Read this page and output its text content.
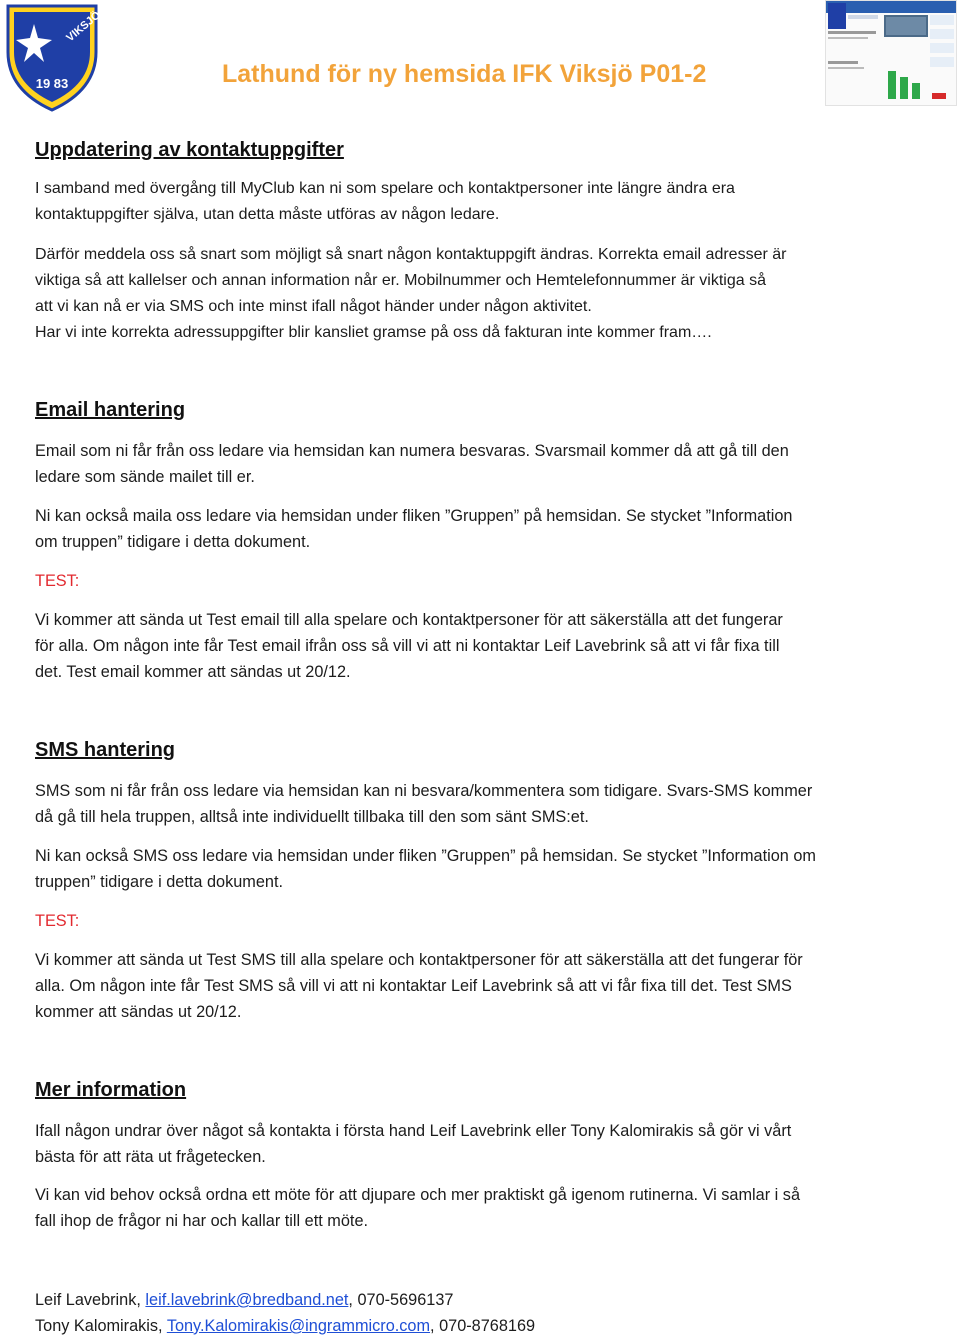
VIKSJÖ
19 83	Lathund för ny hemsida IFK Viksjö P01-2
Uppdatering av kontaktuppgifter

I samband med övergång till MyClub kan ni som spelare och kontaktpersoner inte längre ändra era

kontaktuppgifter själva, utan detta måste utföras av någon ledare.

Därför meddela oss så snart som möjligt så snart någon kontaktuppgift ändras. Korrekta email adresser är

viktiga så att kallelser och annan information når er. Mobilnummer och Hemtelefonnummer är viktiga så

att vi kan nå er via SMS och inte minst ifall något händer under någon aktivitet.

Har vi inte korrekta adressuppgifter blir kansliet gramse på oss då fakturan inte kommer fram….

Email hantering

Email som ni får från oss ledare via hemsidan kan numera besvaras. Svarsmail kommer då att gå till den

ledare som sände mailet till er.

Ni kan också maila oss ledare via hemsidan under fliken ”Gruppen” på hemsidan. Se stycket ”Information

om truppen” tidigare i detta dokument.

TEST:

Vi kommer att sända ut Test email till alla spelare och kontaktpersoner för att säkerställa att det fungerar

för alla. Om någon inte får Test email ifrån oss så vill vi att ni kontaktar Leif Lavebrink så att vi får fixa till

det. Test email kommer att sändas ut 20/12.

SMS hantering

SMS som ni får från oss ledare via hemsidan kan ni besvara/kommentera som tidigare. Svars-SMS kommer

då gå till hela truppen, alltså inte individuellt tillbaka till den som sänt SMS:et.

Ni kan också SMS oss ledare via hemsidan under fliken ”Gruppen” på hemsidan. Se stycket ”Information om

truppen” tidigare i detta dokument.

TEST:

Vi kommer att sända ut Test SMS till alla spelare och kontaktpersoner för att säkerställa att det fungerar för

alla. Om någon inte får Test SMS så vill vi att ni kontaktar Leif Lavebrink så att vi får fixa till det. Test SMS

kommer att sändas ut 20/12.

Mer information

Ifall någon undrar över något så kontakta i första hand Leif Lavebrink eller Tony Kalomirakis så gör vi vårt

bästa för att räta ut frågetecken.

Vi kan vid behov också ordna ett möte för att djupare och mer praktiskt gå igenom rutinerna. Vi samlar i så

fall ihop de frågor ni har och kallar till ett möte.

Leif Lavebrink, leif.lavebrink@bredband.net, 070-5696137
Tony Kalomirakis, Tony.Kalomirakis@ingrammicro.com, 070-8768169
